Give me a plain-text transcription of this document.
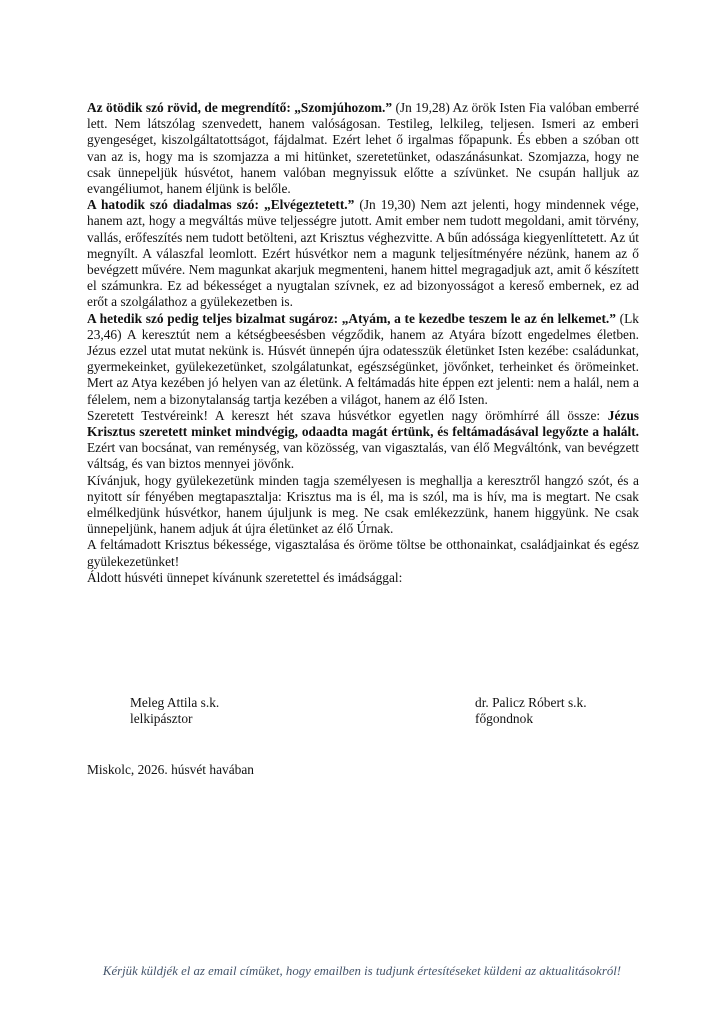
Az ötödik szó rövid, de megrendítő: „Szomjúhozom.” (Jn 19,28) Az örök Isten Fia valóban emberré lett. Nem látszólag szenvedett, hanem valóságosan. Testileg, lelkileg, teljesen. Ismeri az emberi gyengeséget, kiszolgáltatottságot, fájdalmat. Ezért lehet ő irgalmas főpapunk. És ebben a szóban ott van az is, hogy ma is szomjazza a mi hitünket, szeretetünket, odaszánásunkat. Szomjazza, hogy ne csak ünnepeljük húsvétot, hanem valóban megnyissuk előtte a szívünket. Ne csupán halljuk az evangéliumot, hanem éljünk is belőle.

A hatodik szó diadalmas szó: „Elvégeztetett.” (Jn 19,30) Nem azt jelenti, hogy mindennek vége, hanem azt, hogy a megváltás müve teljességre jutott. Amit ember nem tudott megoldani, amit törvény, vallás, erőfeszítés nem tudott betölteni, azt Krisztus véghezvitte. A bűn adóssága kiegyenlíttetett. Az út megnyílt. A válaszfal leomlott. Ezért húsvétkor nem a magunk teljesítményére nézünk, hanem az ő bevégzett művére. Nem magunkat akarjuk megmenteni, hanem hittel megragadjuk azt, amit ő készített el számunkra. Ez ad békességet a nyugtalan szívnek, ez ad bizonyosságot a kereső embernek, ez ad erőt a szolgálathoz a gyülekezetben is.

A hetedik szó pedig teljes bizalmat sugároz: „Atyám, a te kezedbe teszem le az én lelkemet.” (Lk 23,46) A keresztút nem a kétségbeesésben végződik, hanem az Atyára bízott engedelmes életben. Jézus ezzel utat mutat nekünk is. Húsvét ünnepén újra odatesszük életünket Isten kezébe: családunkat, gyermekeinket, gyülekezetünket, szolgálatunkat, egészségünket, jövőnket, terheinket és örömeinket. Mert az Atya kezében jó helyen van az életünk. A feltámadás hite éppen ezt jelenti: nem a halál, nem a félelem, nem a bizonytalanság tartja kezében a világot, hanem az élő Isten.

Szeretett Testvéreink! A kereszt hét szava húsvétkor egyetlen nagy örömhírré áll össze: Jézus Krisztus szeretett minket mindvégig, odaadta magát értünk, és feltámadásával legyőzte a halált. Ezért van bocsánat, van reménység, van közösség, van vigasztalás, van élő Megváltónk, van bevégzett váltság, és van biztos mennyei jövőnk.

Kívánjuk, hogy gyülekezetünk minden tagja személyesen is meghallja a keresztről hangzó szót, és a nyitott sír fényében megtapasztalja: Krisztus ma is él, ma is szól, ma is hív, ma is megtart. Ne csak elmélkedjünk húsvétkor, hanem újuljunk is meg. Ne csak emlékezzünk, hanem higgyünk. Ne csak ünnepeljünk, hanem adjuk át újra életünket az élő Úrnak.

A feltámadott Krisztus békessége, vigasztalása és öröme töltse be otthonainkat, családjainkat és egész gyülekezetünket!

Áldott húsvéti ünnepet kívánunk szeretettel és imádsággal:

Meleg Attila s.k.
lelkipásztor
dr. Palicz Róbert s.k.
főgondnok
Miskolc, 2026. húsvét havában
Kérjük küldjék el az email címüket, hogy emailben is tudjunk értesítéseket küldeni az aktualitásokról!
